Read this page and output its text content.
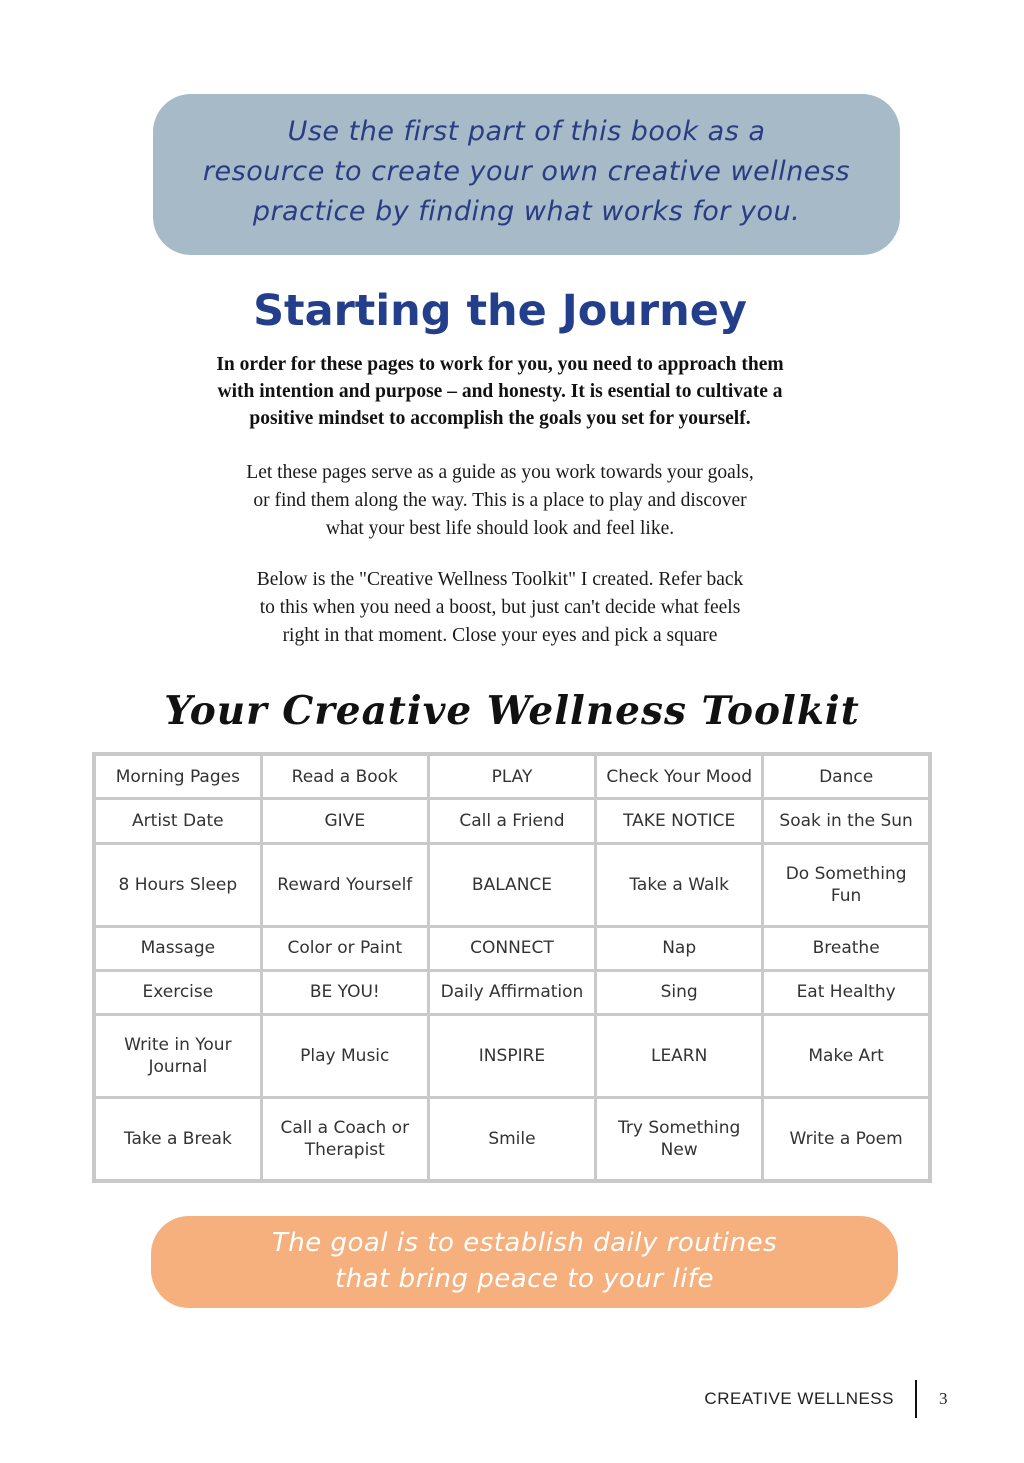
Use the first part of this book as a
resource to create your own creative wellness
practice by finding what works for you.
Starting the Journey
In order for these pages to work for you, you need to approach them
with intention and purpose – and honesty. It is esential to cultivate a
positive mindset to accomplish the goals you set for yourself.
Let these pages serve as a guide as you work towards your goals,
or find them along the way. This is a place to play and discover
what your best life should look and feel like.
Below is the "Creative Wellness Toolkit" I created. Refer back
to this when you need a boost, but just can't decide what feels
right in that moment. Close your eyes and pick a square
Your Creative Wellness Toolkit
Morning Pages	Read a Book	PLAY	Check Your Mood	Dance
Artist Date	GIVE	Call a Friend	TAKE NOTICE	Soak in the Sun
8 Hours Sleep	Reward Yourself	BALANCE	Take a Walk	Do Something Fun
Massage	Color or Paint	CONNECT	Nap	Breathe
Exercise	BE YOU!	Daily Affirmation	Sing	Eat Healthy
Write in Your Journal	Play Music	INSPIRE	LEARN	Make Art
Take a Break	Call a Coach or Therapist	Smile	Try Something New	Write a Poem
The goal is to establish daily routines
that bring peace to your life
CREATIVE WELLNESS	3
